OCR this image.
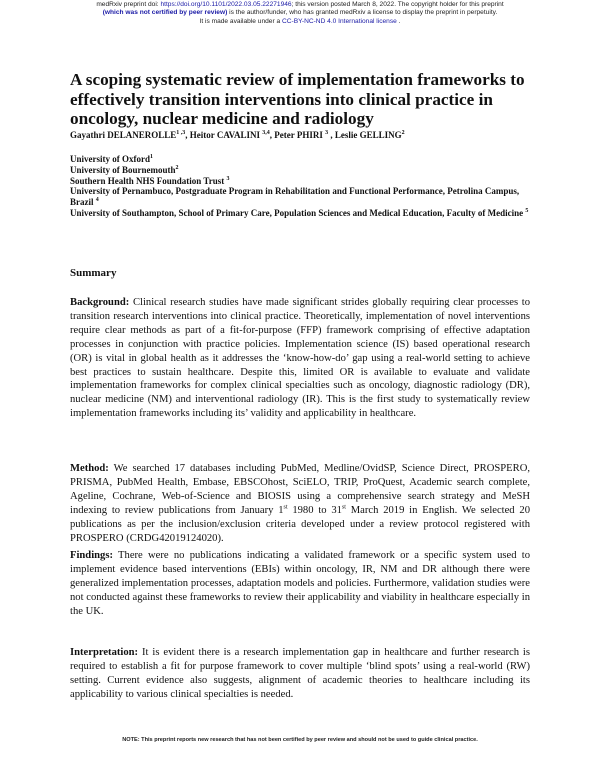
medRxiv preprint doi: https://doi.org/10.1101/2022.03.05.22271946; this version posted March 8, 2022. The copyright holder for this preprint
(which was not certified by peer review) is the author/funder, who has granted medRxiv a license to display the preprint in perpetuity.
It is made available under a CC-BY-NC-ND 4.0 International license .
A scoping systematic review of implementation frameworks to effectively transition interventions into clinical practice in oncology, nuclear medicine and radiology
Gayathri DELANEROLLE$^{1 ,3}$, Heitor CAVALINI $^{3,4}$, Peter PHIRI $^3$ , Leslie GELLING$^2$
University of Oxford$^1$
University of Bournemouth$^2$
Southern Health NHS Foundation Trust $^3$
University of Pernambuco, Postgraduate Program in Rehabilitation and Functional Performance, Petrolina Campus, Brazil $^4$
University of Southampton, School of Primary Care, Population Sciences and Medical Education, Faculty of Medicine $^5$
Summary

Background: Clinical research studies have made significant strides globally requiring clear processes to transition research interventions into clinical practice. Theoretically, implementation of novel interventions require clear methods as part of a fit-for-purpose (FFP) framework comprising of effective adaptation processes in conjunction with practice policies. Implementation science (IS) based operational research (OR) is vital in global health as it addresses the ‘know-how-do’ gap using a real-world setting to achieve best practices to sustain healthcare. Despite this, limited OR is available to evaluate and validate implementation frameworks for complex clinical specialties such as oncology, diagnostic radiology (DR), nuclear medicine (NM) and interventional radiology (IR). This is the first study to systematically review implementation frameworks including its’ validity and applicability in healthcare.

Method: We searched 17 databases including PubMed, Medline/OvidSP, Science Direct, PROSPERO, PRISMA, PubMed Health, Embase, EBSCOhost, SciELO, TRIP, ProQuest, Academic search complete, Ageline, Cochrane, Web-of-Science and BIOSIS using a comprehensive search strategy and MeSH indexing to review publications from January 1st 1980 to 31st March 2019 in English. We selected 20 publications as per the inclusion/exclusion criteria developed under a review protocol registered with PROSPERO (CRDG42019124020).

Findings: There were no publications indicating a validated framework or a specific system used to implement evidence based interventions (EBIs) within oncology, IR, NM and DR although there were generalized implementation processes, adaptation models and policies. Furthermore, validation studies were not conducted against these frameworks to review their applicability and viability in healthcare especially in the UK.

Interpretation: It is evident there is a research implementation gap in healthcare and further research is required to establish a fit for purpose framework to cover multiple ‘blind spots’ using a real-world (RW) setting. Current evidence also suggests, alignment of academic theories to healthcare including its applicability to various clinical specialties is needed.

NOTE: This preprint reports new research that has not been certified by peer review and should not be used to guide clinical practice.
